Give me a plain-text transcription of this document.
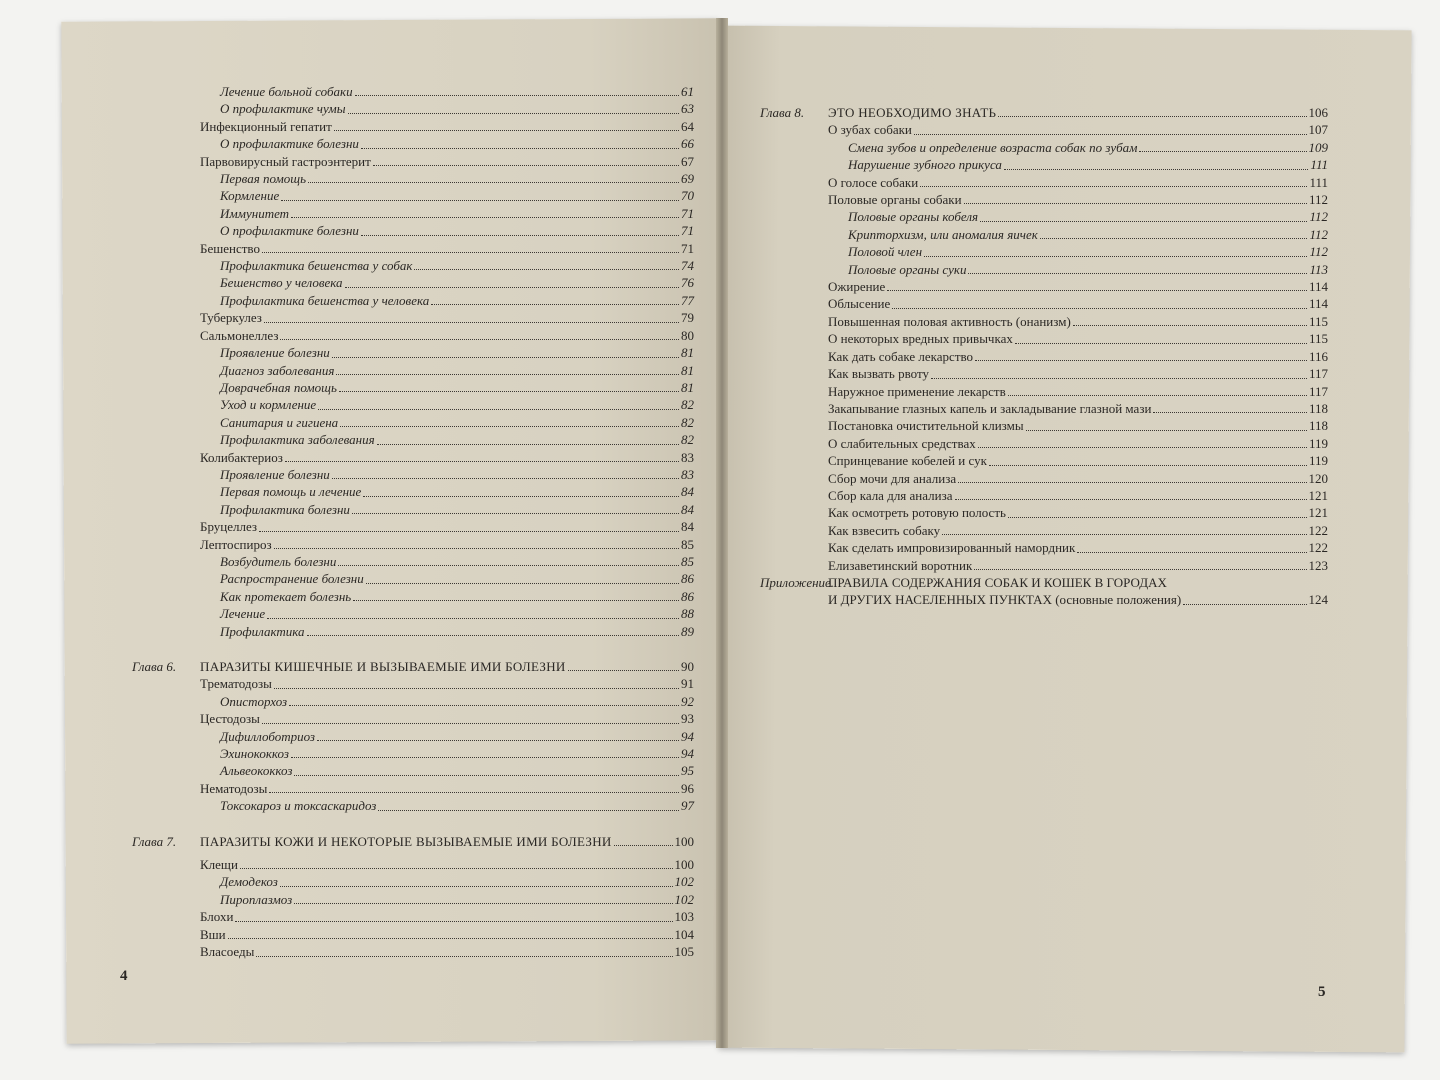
Лечение больной собаки	61
О профилактике чумы	63
Инфекционный гепатит	64
О профилактике болезни	66
Парвовирусный гастроэнтерит	67
Первая помощь	69
Кормление	70
Иммунитет	71
О профилактике болезни	71
Бешенство	71
Профилактика бешенства у собак	74
Бешенство у человека	76
Профилактика бешенства у человека	77
Туберкулез	79
Сальмонеллез	80
Проявление болезни	81
Диагноз заболевания	81
Доврачебная помощь	81
Уход и кормление	82
Санитария и гигиена	82
Профилактика заболевания	82
Колибактериоз	83
Проявление болезни	83
Первая помощь и лечение	84
Профилактика болезни	84
Бруцеллез	84
Лептоспироз	85
Возбудитель болезни	85
Распространение болезни	86
Как протекает болезнь	86
Лечение	88
Профилактика	89
Глава 6.	ПАРАЗИТЫ КИШЕЧНЫЕ И ВЫЗЫВАЕМЫЕ ИМИ БОЛЕЗНИ	90
Трематодозы	91
Описторхоз	92
Цестодозы	93
Дифиллоботриоз	94
Эхинококкоз	94
Альвеококкоз	95
Нематодозы	96
Токсокароз и токсаскаридоз	97
Глава 7.	ПАРАЗИТЫ КОЖИ И НЕКОТОРЫЕ ВЫЗЫВАЕМЫЕ ИМИ БОЛЕЗНИ	100
Клещи	100
Демодекоз	102
Пироплазмоз	102
Блохи	103
Вши	104
Власоеды	105
Глава 8.	ЭТО НЕОБХОДИМО ЗНАТЬ	106
О зубах собаки	107
Смена зубов и определение возраста собак по зубам	109
Нарушение зубного прикуса	111
О голосе собаки	111
Половые органы собаки	112
Половые органы кобеля	112
Крипторхизм, или аномалия яичек	112
Половой член	112
Половые органы суки	113
Ожирение	114
Облысение	114
Повышенная половая активность (онанизм)	115
О некоторых вредных привычках	115
Как дать собаке лекарство	116
Как вызвать рвоту	117
Наружное применение лекарств	117
Закапывание глазных капель и закладывание глазной мази	118
Постановка очистительной клизмы	118
О слабительных средствах	119
Спринцевание кобелей и сук	119
Сбор мочи для анализа	120
Сбор кала для анализа	121
Как осмотреть ротовую полость	121
Как взвесить собаку	122
Как сделать импровизированный намордник	122
Елизаветинский воротник	123
Приложение.
ПРАВИЛА СОДЕРЖАНИЯ СОБАК И КОШЕК В ГОРОДАХ
И ДРУГИХ НАСЕЛЕННЫХ ПУНКТАХ (основные положения)	124
4
5
